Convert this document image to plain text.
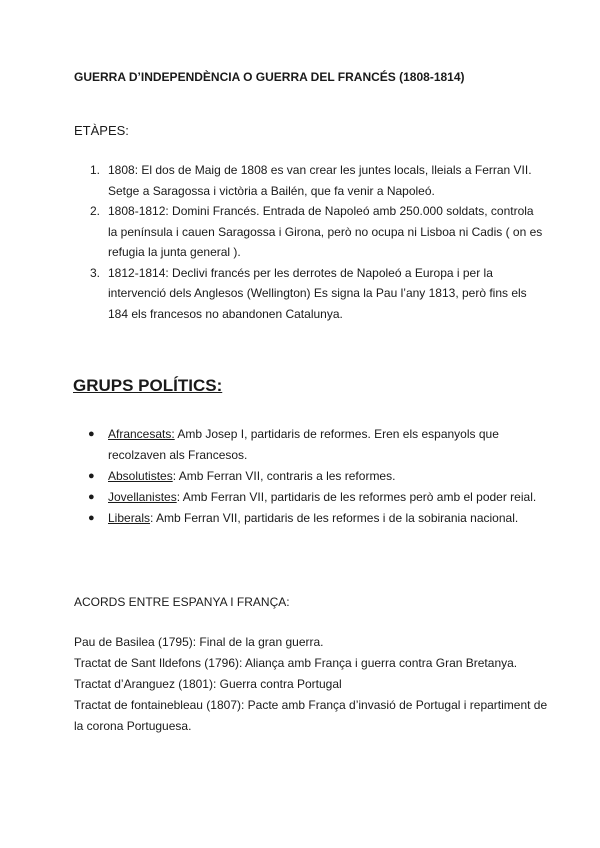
GUERRA D’INDEPENDÈNCIA O GUERRA DEL FRANCÉS (1808-1814)
ETÀPES:
1. 1808: El dos de Maig de 1808 es van crear les juntes locals, lleials a Ferran VII. Setge a Saragossa i victòria a Bailén, que fa venir a Napoleó.
2. 1808-1812: Domini Francés. Entrada de Napoleó amb 250.000 soldats, controla la península i cauen Saragossa i Girona, però no ocupa ni Lisboa ni Cadis ( on es refugia la junta general ).
3. 1812-1814: Declivi francés per les derrotes de Napoleó a Europa i per la intervenció dels Anglesos (Wellington) Es signa la Pau l’any 1813, però fins els 184 els francesos no abandonen Catalunya.
GRUPS POLÍTICS:
● Afrancesats: Amb Josep I, partidaris de reformes. Eren els espanyols que recolzaven als Francesos.
● Absolutistes: Amb Ferran VII, contraris a les reformes.
● Jovellanistes: Amb Ferran VII, partidaris de les reformes però amb el poder reial.
● Liberals: Amb Ferran VII, partidaris de les reformes i de la sobirania nacional.
ACORDS ENTRE ESPANYA I FRANÇA:
Pau de Basilea (1795): Final de la gran guerra.
Tractat de Sant Ildefons (1796): Aliança amb França i guerra contra Gran Bretanya.
Tractat d’Aranguez (1801): Guerra contra Portugal
Tractat de fontainebleau (1807): Pacte amb França d’invasió de Portugal i repartiment de la corona Portuguesa.
